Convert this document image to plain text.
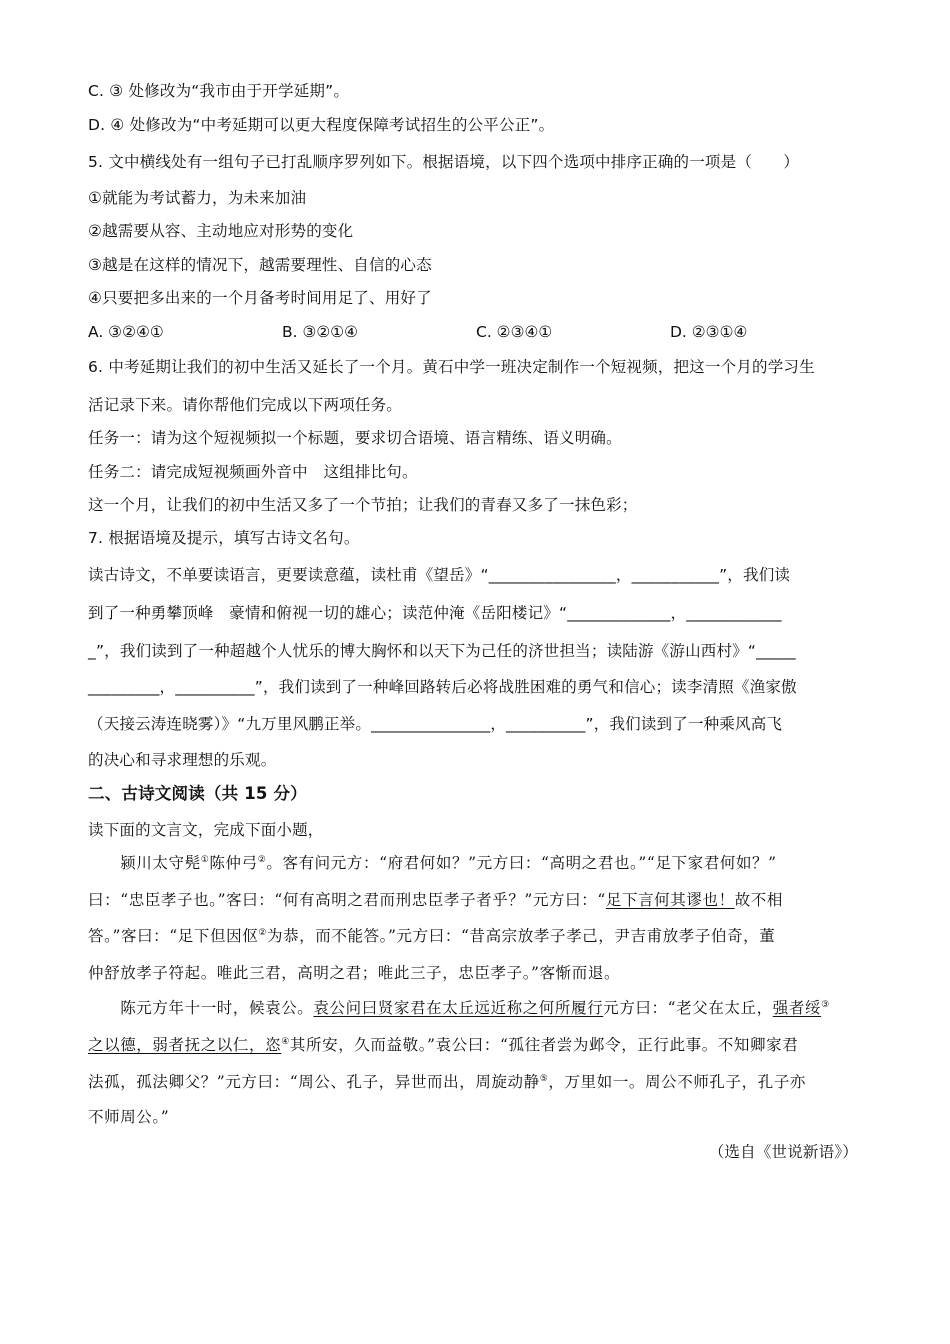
C. ③ 处修改为“我市由于开学延期”。
D. ④ 处修改为“中考延期可以更大程度保障考试招生的公平公正”。
5. 文中横线处有一组句子已打乱顺序罗列如下。根据语境，以下四个选项中排序正确的一项是（　　）
①就能为考试蓄力，为未来加油
②越需要从容、主动地应对形势的变化
③越是在这样的情况下，越需要理性、自信的心态
④只要把多出来的一个月备考时间用足了、用好了
A. ③②④①	B. ③②①④	C. ②③④①	D. ②③①④
6. 中考延期让我们的初中生活又延长了一个月。黄石中学一班决定制作一个短视频，把这一个月的学习生
活记录下来。请你帮他们完成以下两项任务。
任务一：请为这个短视频拟一个标题，要求切合语境、语言精练、语义明确。
任务二：请完成短视频画外音中　这组排比句。
这一个月，让我们的初中生活又多了一个节拍；让我们的青春又多了一抹色彩；
7. 根据语境及提示，填写古诗文名句。
读古诗文，不单要读语言，更要读意蕴，读杜甫《望岳》“________________，___________”，我们读
到了一种勇攀顶峰　豪情和俯视一切的雄心；读范仲淹《岳阳楼记》“_____________，____________
_”，我们读到了一种超越个人忧乐的博大胸怀和以天下为己任的济世担当；读陆游《游山西村》“_____
_________，__________”，我们读到了一种峰回路转后必将战胜困难的勇气和信心；读李清照《渔家傲
（天接云涛连晓雾）》“九万里风鹏正举。_______________，__________”，我们读到了一种乘风高飞
的决心和寻求理想的乐观。
二、古诗文阅读（共 15 分）
读下面的文言文，完成下面小题，
　　颍川太守髡①陈仲弓②。客有问元方：“府君何如？”元方曰：“高明之君也。”“足下家君何如？”
曰：“忠臣孝子也。”客曰：“何有高明之君而刑忠臣孝子者乎？”元方曰：“足下言何其谬也！故不相
答。”客曰：“足下但因伛②为恭，而不能答。”元方曰：“昔高宗放孝子孝己，尹吉甫放孝子伯奇，董
仲舒放孝子符起。唯此三君，高明之君；唯此三子，忠臣孝子。”客惭而退。
　　陈元方年十一时，候袁公。袁公问曰贤家君在太丘远近称之何所履行元方曰：“老父在太丘，强者绥③
之以德，弱者抚之以仁，恣④其所安，久而益敬。”袁公曰：“孤往者尝为邺令，正行此事。不知卿家君
法孤，孤法卿父？”元方曰：“周公、孔子，异世而出，周旋动静⑤，万里如一。周公不师孔子，孔子亦
不师周公。”
（选自《世说新语》）
